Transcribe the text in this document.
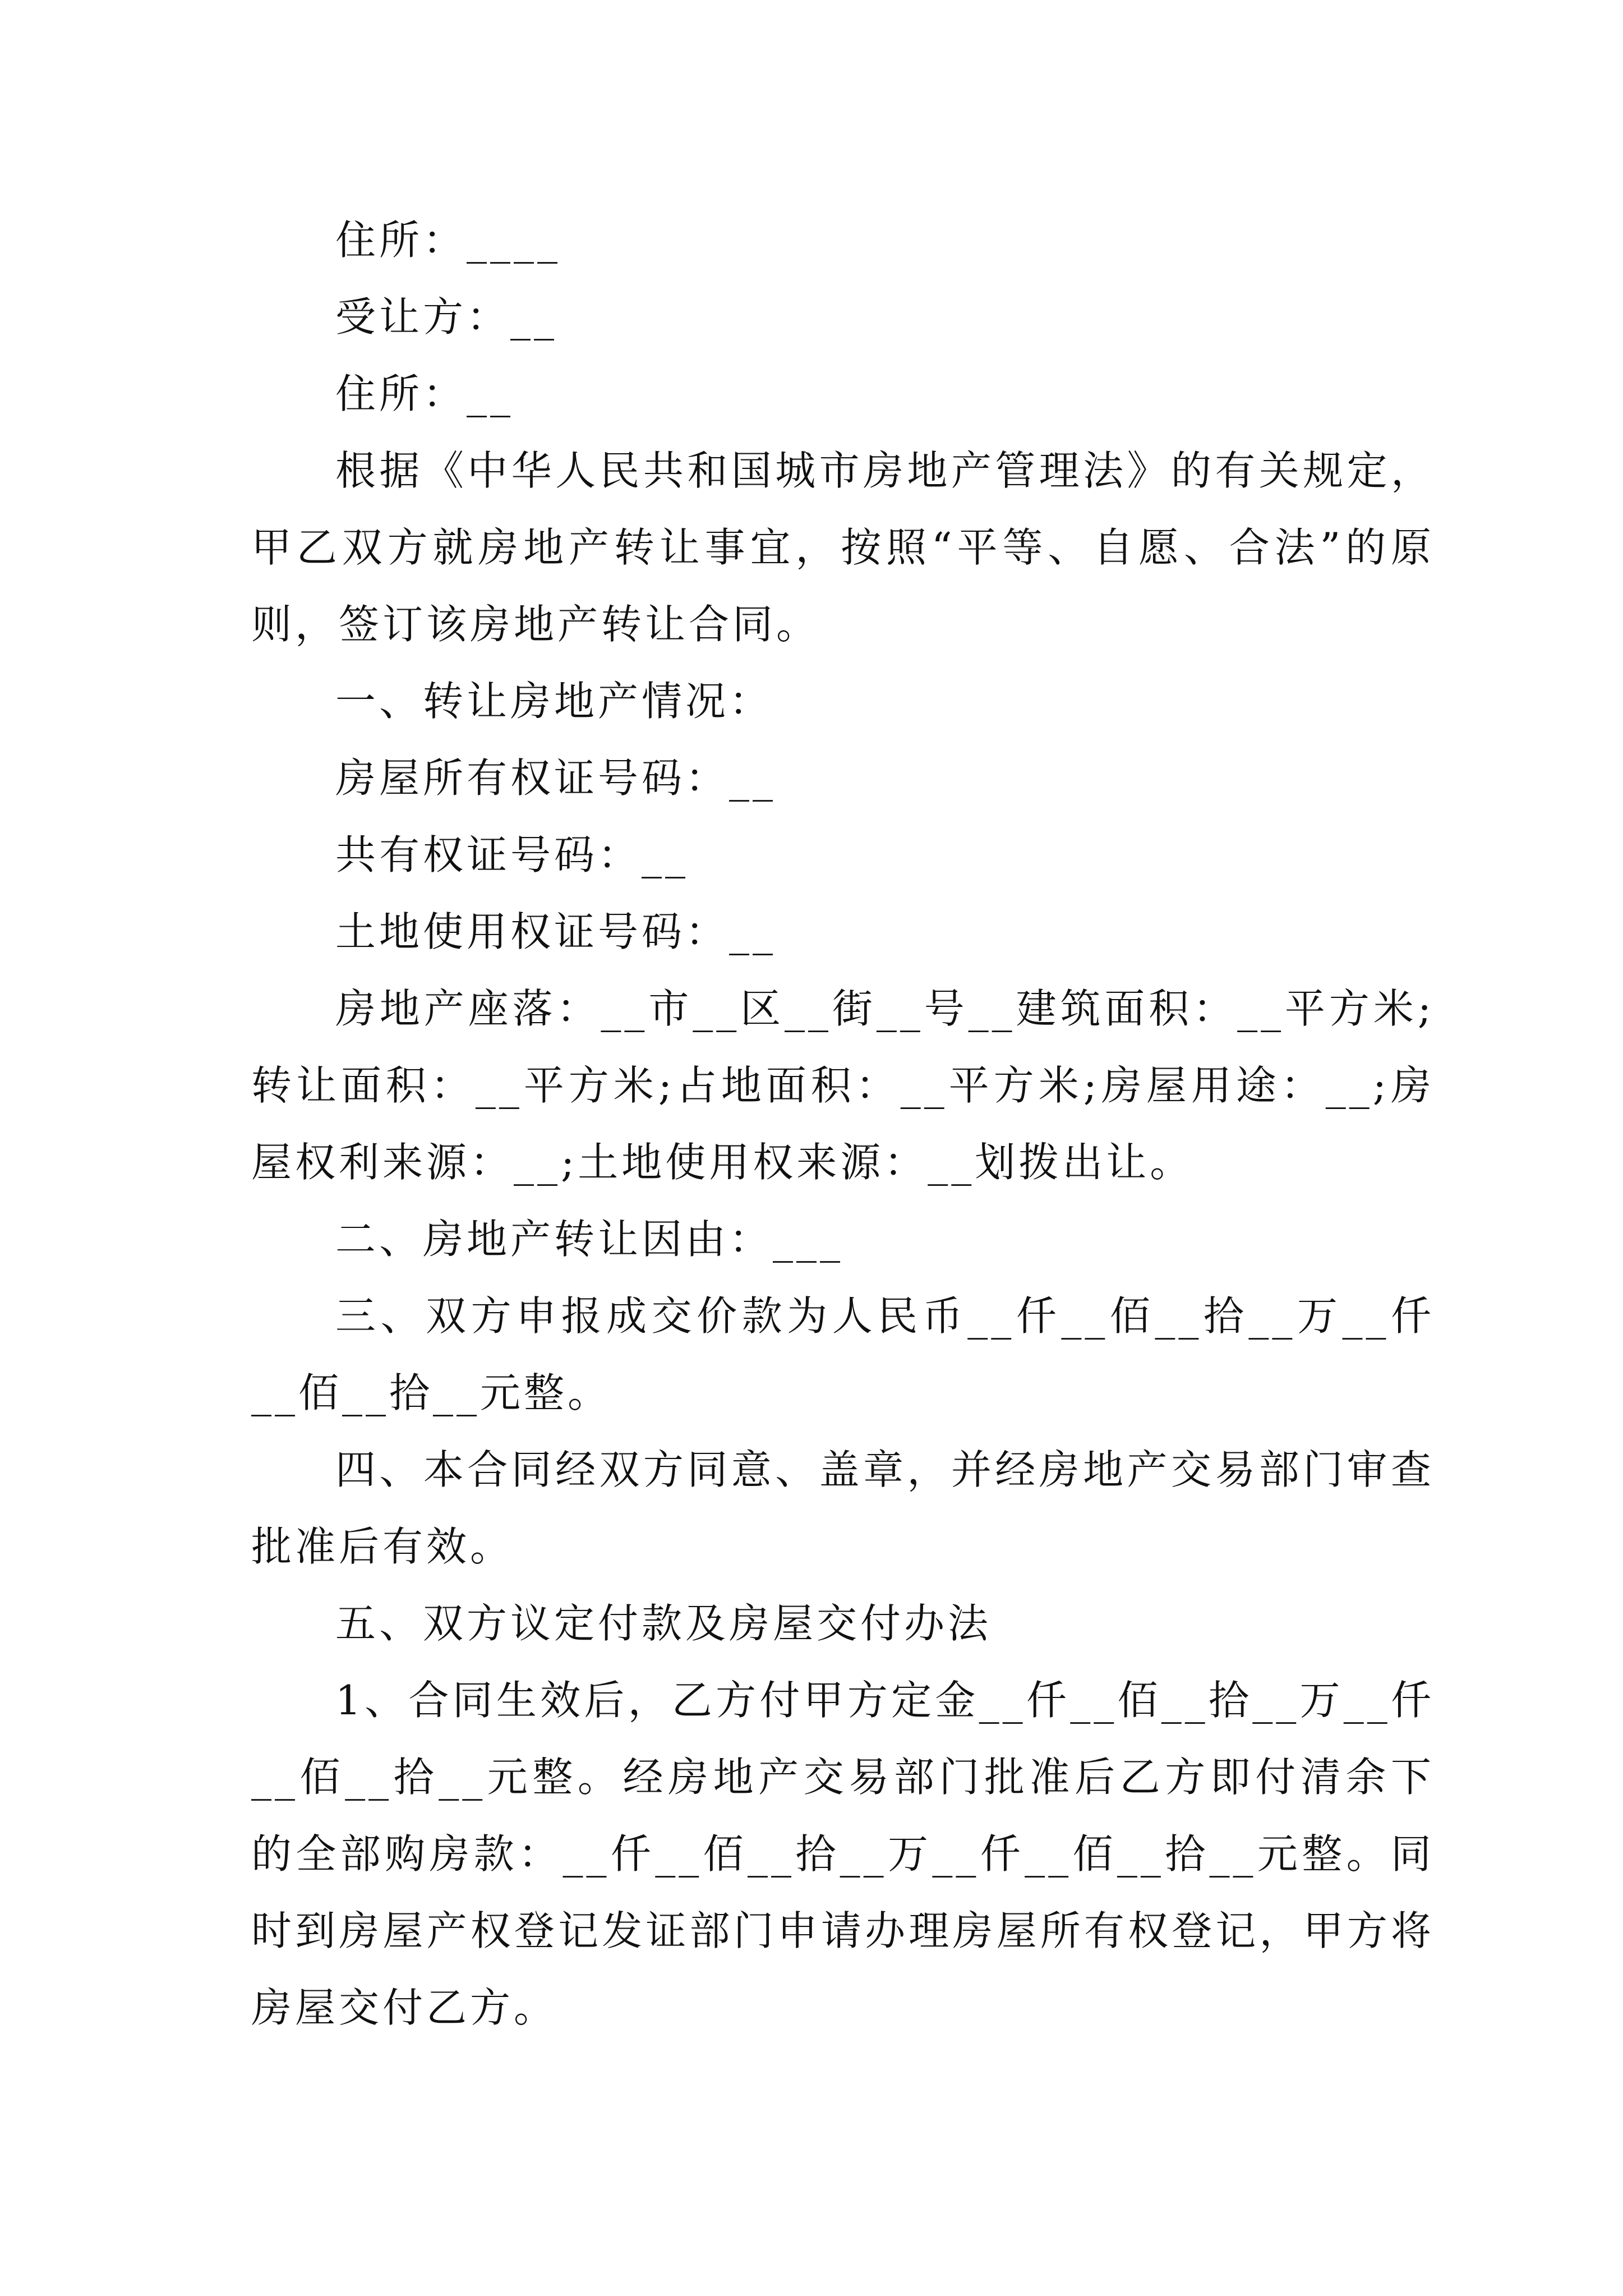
住所：____

受让方：__

住所：__

根据《中华人民共和国城市房地产管理法》的有关规定，甲乙双方就房地产转让事宜，按照“平等、自愿、合法”的原则，签订该房地产转让合同。

一、转让房地产情况：

房屋所有权证号码：__

共有权证号码：__

土地使用权证号码：__

房地产座落：__市__区__街__号__建筑面积：__平方米;转让面积：__平方米;占地面积：__平方米;房屋用途：__;房屋权利来源：__;土地使用权来源：__划拨出让。

二、房地产转让因由：___

三、双方申报成交价款为人民币__仟__佰__拾__万__仟__佰__拾__元整。

四、本合同经双方同意、盖章，并经房地产交易部门审查批准后有效。

五、双方议定付款及房屋交付办法

1、合同生效后，乙方付甲方定金__仟__佰__拾__万__仟__佰__拾__元整。经房地产交易部门批准后乙方即付清余下的全部购房款：__仟__佰__拾__万__仟__佰__拾__元整。同时到房屋产权登记发证部门申请办理房屋所有权登记，甲方将房屋交付乙方。
